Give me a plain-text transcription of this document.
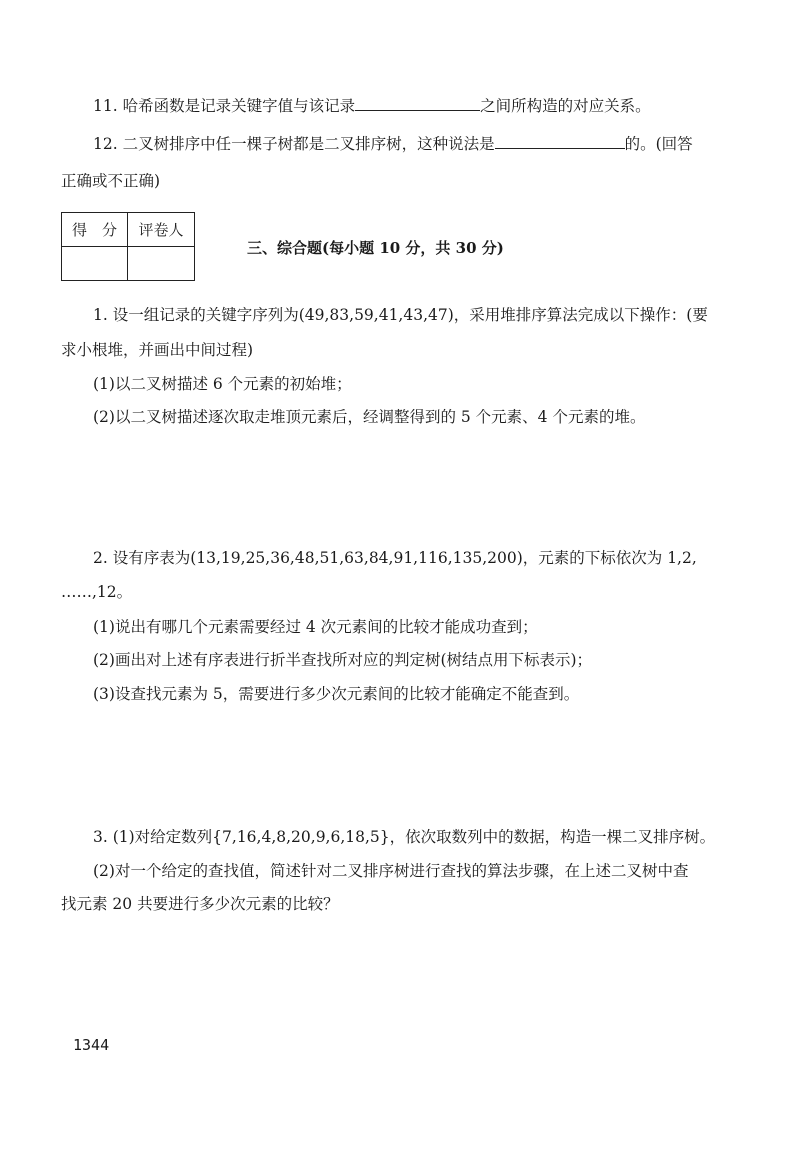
11. 哈希函数是记录关键字值与该记录	之间所构造的对应关系。
12. 二叉树排序中任一棵子树都是二叉排序树，这种说法是	的。(回答
正确或不正确)
得　分	评卷人

三、综合题(每小题 10 分，共 30 分)
1. 设一组记录的关键字序列为(49,83,59,41,43,47)，采用堆排序算法完成以下操作：(要
求小根堆，并画出中间过程)
(1)以二叉树描述 6 个元素的初始堆；
(2)以二叉树描述逐次取走堆顶元素后，经调整得到的 5 个元素、4 个元素的堆。
2. 设有序表为(13,19,25,36,48,51,63,84,91,116,135,200)，元素的下标依次为 1,2,
……,12。
(1)说出有哪几个元素需要经过 4 次元素间的比较才能成功查到；
(2)画出对上述有序表进行折半查找所对应的判定树(树结点用下标表示)；
(3)设查找元素为 5，需要进行多少次元素间的比较才能确定不能查到。
3. (1)对给定数列{7,16,4,8,20,9,6,18,5}，依次取数列中的数据，构造一棵二叉排序树。
(2)对一个给定的查找值，简述针对二叉排序树进行查找的算法步骤，在上述二叉树中查
找元素 20 共要进行多少次元素的比较？
1344
